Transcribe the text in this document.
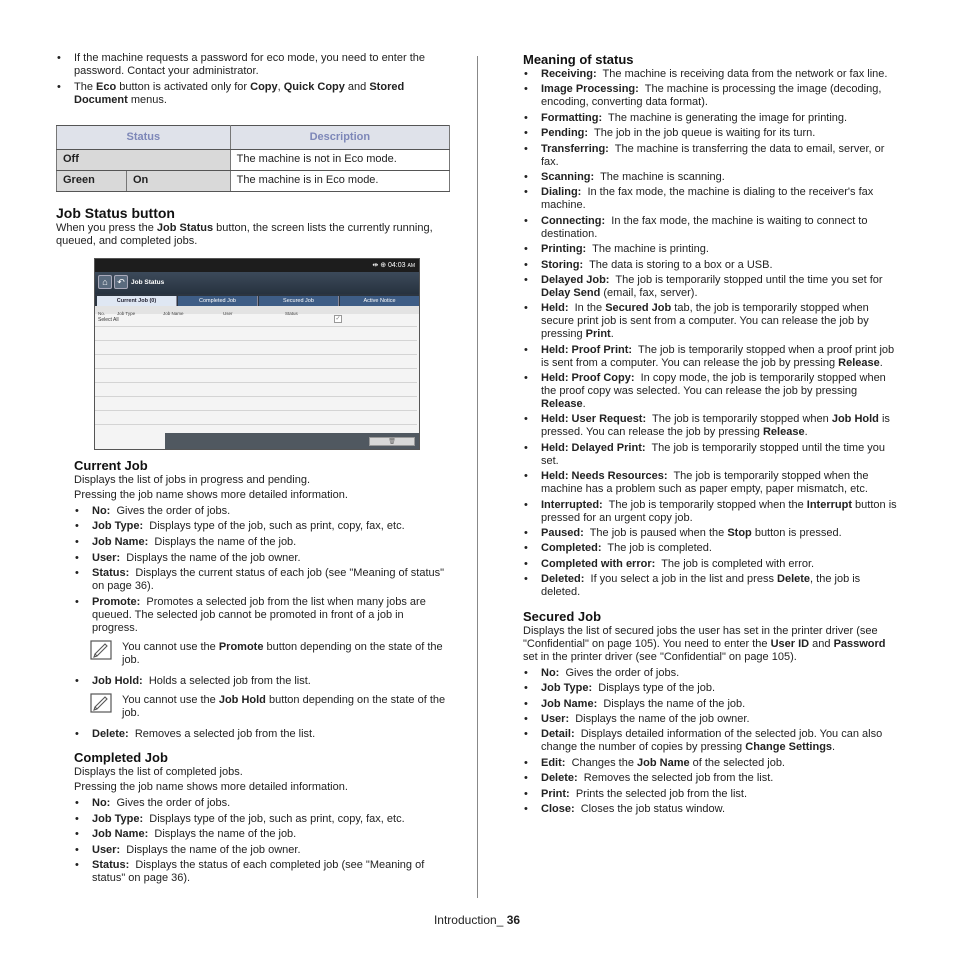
• If the machine requests a password for eco mode, you need to enter the password. Contact your administrator.
• The Eco button is activated only for Copy, Quick Copy and Stored Document menus.
Status		Description
Off		The machine is not in Eco mode.
Green	On	The machine is in Eco mode.
Job Status button

When you press the Job Status button, the screen lists the currently running, queued, and completed jobs.

⇹ ⊕ 04:03 AM
⌂	↶ Job Status
Current Job (0)	Completed Job	Secured Job	Active Notice
No.	Job Type	Job Name	User	Status
Select All	✓
🗑
Current Job

Displays the list of jobs in progress and pending.

Pressing the job name shows more detailed information.

• No: Gives the order of jobs.
• Job Type: Displays type of the job, such as print, copy, fax, etc.
• Job Name: Displays the name of the job.
• User: Displays the name of the job owner.
• Status: Displays the current status of each job (see "Meaning of status" on page 36).
• Promote: Promotes a selected job from the list when many jobs are queued. The selected job cannot be promoted in front of a job in progress.
You cannot use the Promote button depending on the state of the job.
• Job Hold: Holds a selected job from the list.
You cannot use the Job Hold button depending on the state of the job.
• Delete: Removes a selected job from the list.
Completed Job

Displays the list of completed jobs.

Pressing the job name shows more detailed information.

• No: Gives the order of jobs.
• Job Type: Displays type of the job, such as print, copy, fax, etc.
• Job Name: Displays the name of the job.
• User: Displays the name of the job owner.
• Status: Displays the status of each completed job (see "Meaning of status" on page 36).
Meaning of status
• Receiving:  The machine is receiving data from the network or fax line.
• Image Processing:  The machine is processing the image (decoding, encoding, converting data format).
• Formatting:  The machine is generating the image for printing.
• Pending:  The job in the job queue is waiting for its turn.
• Transferring:  The machine is transferring the data to email, server, or fax.
• Scanning:  The machine is scanning.
• Dialing:  In the fax mode, the machine is dialing to the receiver's fax machine.
• Connecting:  In the fax mode, the machine is waiting to connect to destination.
• Printing:  The machine is printing.
• Storing:  The data is storing to a box or a USB.
• Delayed Job:  The job is temporarily stopped until the time you set for Delay Send (email, fax, server).
• Held:  In the Secured Job tab, the job is temporarily stopped when secure print job is sent from a computer. You can release the job by pressing Print.
• Held: Proof Print:  The job is temporarily stopped when a proof print job is sent from a computer. You can release the job by pressing Release.
• Held: Proof Copy:  In copy mode, the job is temporarily stopped when the proof copy was selected. You can release the job by pressing Release.
• Held: User Request:  The job is temporarily stopped when Job Hold is pressed. You can release the job by pressing Release.
• Held: Delayed Print:  The job is temporarily stopped until the time you set.
• Held: Needs Resources:  The job is temporarily stopped when the machine has a problem such as paper empty, paper mismatch, etc.
• Interrupted:  The job is temporarily stopped when the Interrupt button is pressed for an urgent copy job.
• Paused:  The job is paused when the Stop button is pressed.
• Completed:  The job is completed.
• Completed with error:  The job is completed with error.
• Deleted:  If you select a job in the list and press Delete, the job is deleted.
Secured Job

Displays the list of secured jobs the user has set in the printer driver (see "Confidential" on page 105). You need to enter the User ID and Password set in the printer driver (see "Confidential" on page 105).

• No:  Gives the order of jobs.
• Job Type:  Displays type of the job.
• Job Name:  Displays the name of the job.
• User:  Displays the name of the job owner.
• Detail:  Displays detailed information of the selected job. You can also change the number of copies by pressing Change Settings.
• Edit:  Changes the Job Name of the selected job.
• Delete:  Removes the selected job from the list.
• Print:  Prints the selected job from the list.
• Close:  Closes the job status window.
Introduction_ 36
